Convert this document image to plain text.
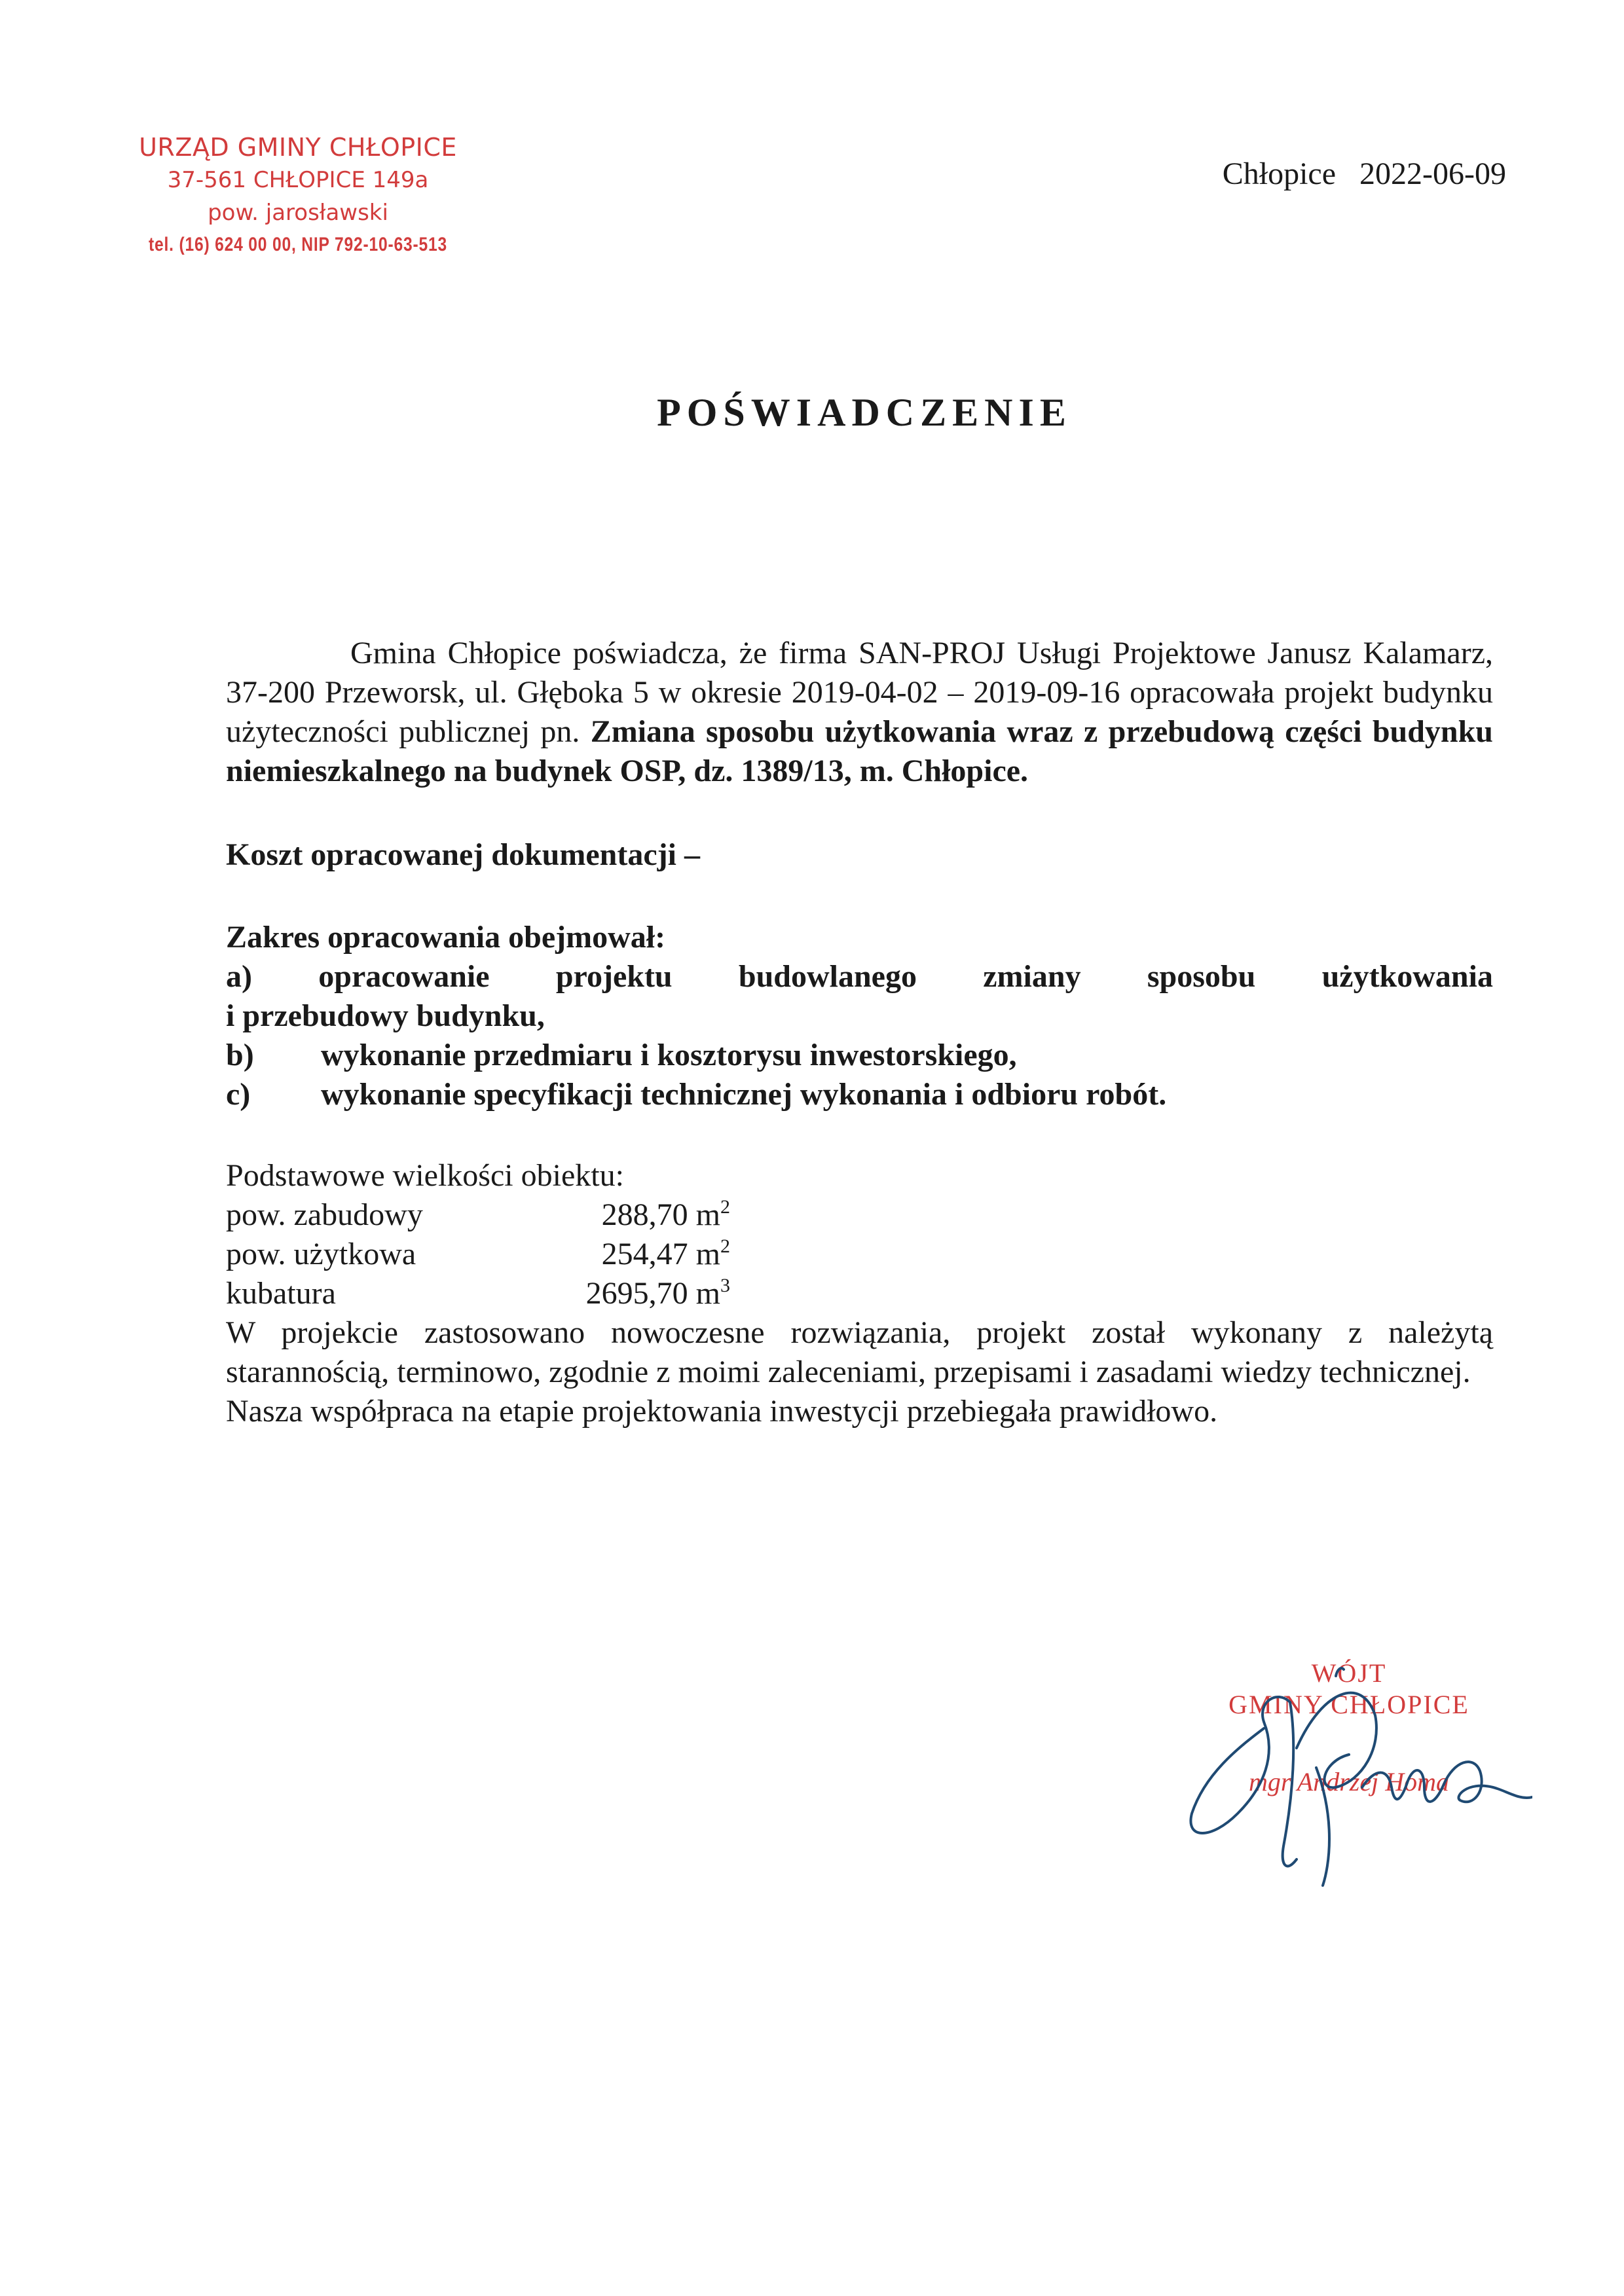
URZĄD GMINY CHŁOPICE
37-561 CHŁOPICE 149a
pow. jarosławski
tel. (16) 624 00 00, NIP 792-10-63-513
Chłopice 2022-06-09
POŚWIADCZENIE

Gmina Chłopice poświadcza, że firma SAN-PROJ Usługi Projektowe Janusz Kalamarz, 37-200 Przeworsk, ul. Głęboka 5 w okresie 2019-04-02 – 2019-09-16 opracowała projekt budynku użyteczności publicznej pn. Zmiana sposobu użytkowania wraz z przebudową części budynku niemieszkalnego na budynek OSP, dz. 1389/13, m. Chłopice.

Koszt opracowanej dokumentacji –

Zakres opracowania obejmował:

a) opracowanie projektu budowlanego zmiany sposobu użytkowania
i przebudowy budynku,
b) wykonanie przedmiaru i kosztorysu inwestorskiego,
c) wykonanie specyfikacji technicznej wykonania i odbioru robót.

Podstawowe wielkości obiektu:

pow. zabudowy	288,70 $m^2$
pow. użytkowa	254,47 $m^2$
kubatura	2695,70 $m^3$

W projekcie zastosowano nowoczesne rozwiązania, projekt został wykonany z należytą starannością, terminowo, zgodnie z moimi zaleceniami, przepisami i zasadami wiedzy technicznej.

Nasza współpraca na etapie projektowania inwestycji przebiegała prawidłowo.

WÓJT
GMINY CHŁOPICE
mgr Andrzej Homa
